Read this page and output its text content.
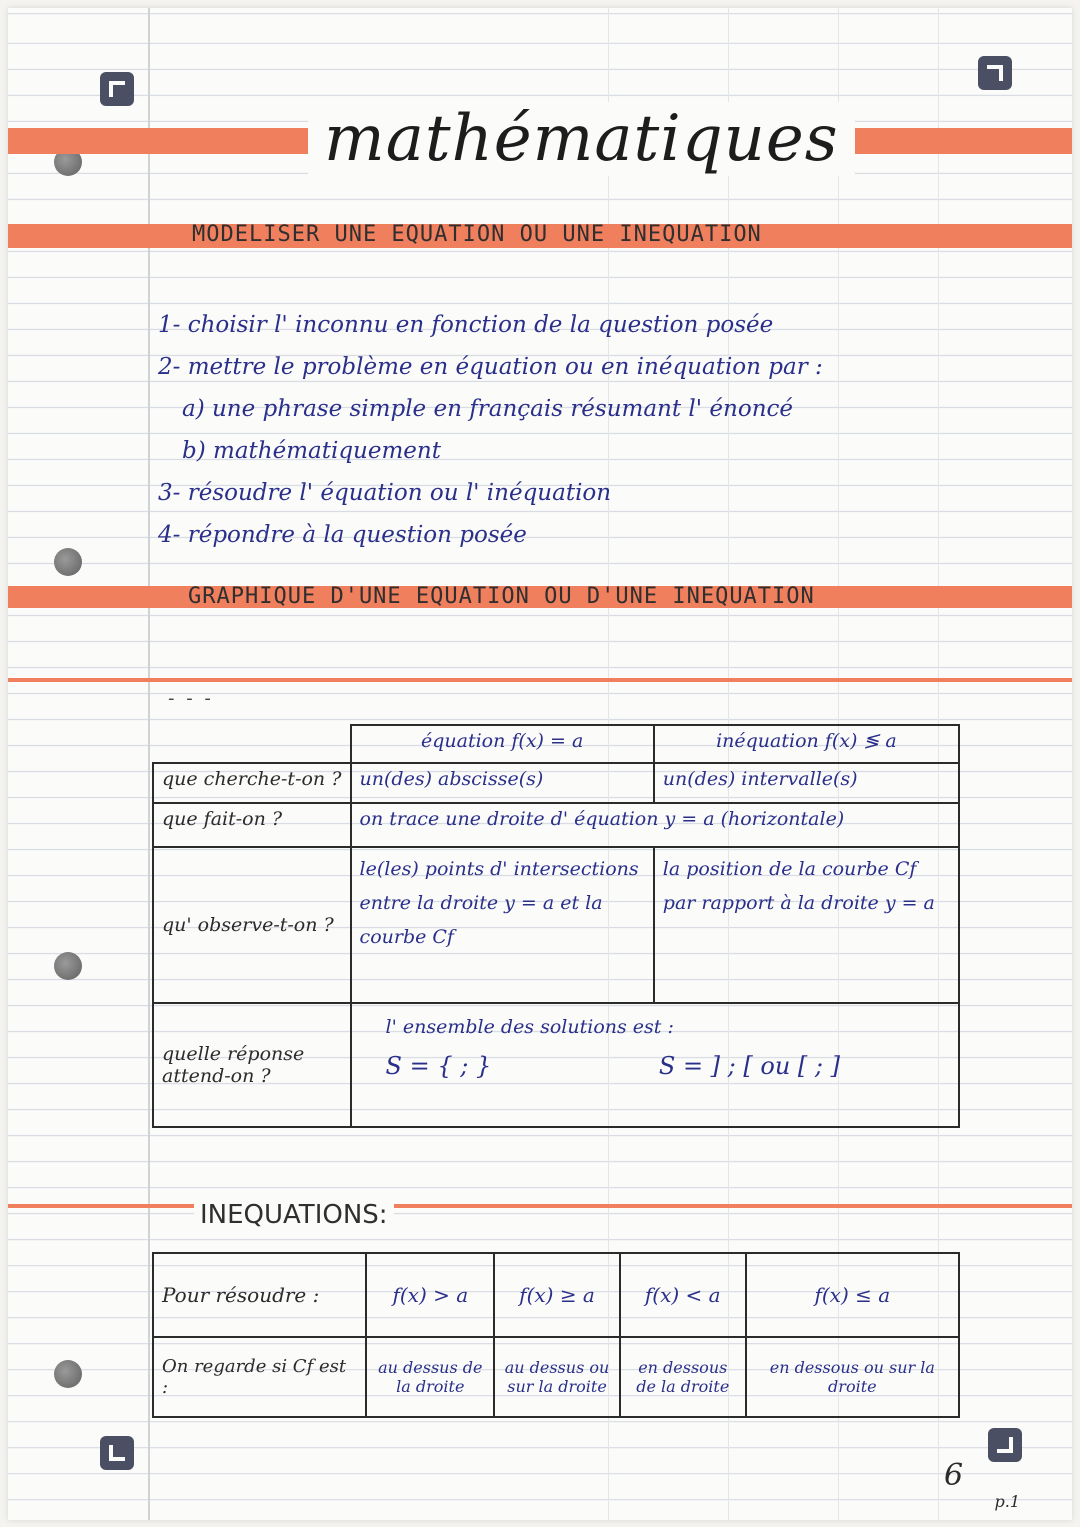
mathématiques
MODELISER UNE EQUATION OU UNE INEQUATION
1- choisir l' inconnu en fonction de la question posée
2- mettre le problème en équation ou en inéquation par :
a) une phrase simple en français résumant l' énoncé
b) mathématiquement
3- résoudre l' équation ou l' inéquation
4- répondre à la question posée
GRAPHIQUE D'UNE EQUATION OU D'UNE INEQUATION
- - -
	équation f(x) = a	inéquation f(x) ≶ a
que cherche-t-on ?	un(des) abscisse(s)	un(des) intervalle(s)
que fait-on ?	on trace une droite d' équation y = a (horizontale)	
qu' observe-t-on ?	le(les) points d' intersections entre la droite y = a et la courbe Cf	la position de la courbe Cf par rapport à la droite y = a
quelle réponse attend-on ?	l' ensemble des solutions est :
S = { ; } S = ] ; [ ou [ ; ]	
INEQUATIONS:
Pour résoudre :	f(x) > a	f(x) ≥ a	f(x) < a	f(x) ≤ a
On regarde si Cf est :	au dessus de la droite	au dessus ou sur la droite	en dessous de la droite	en dessous ou sur la droite
6
p.1
